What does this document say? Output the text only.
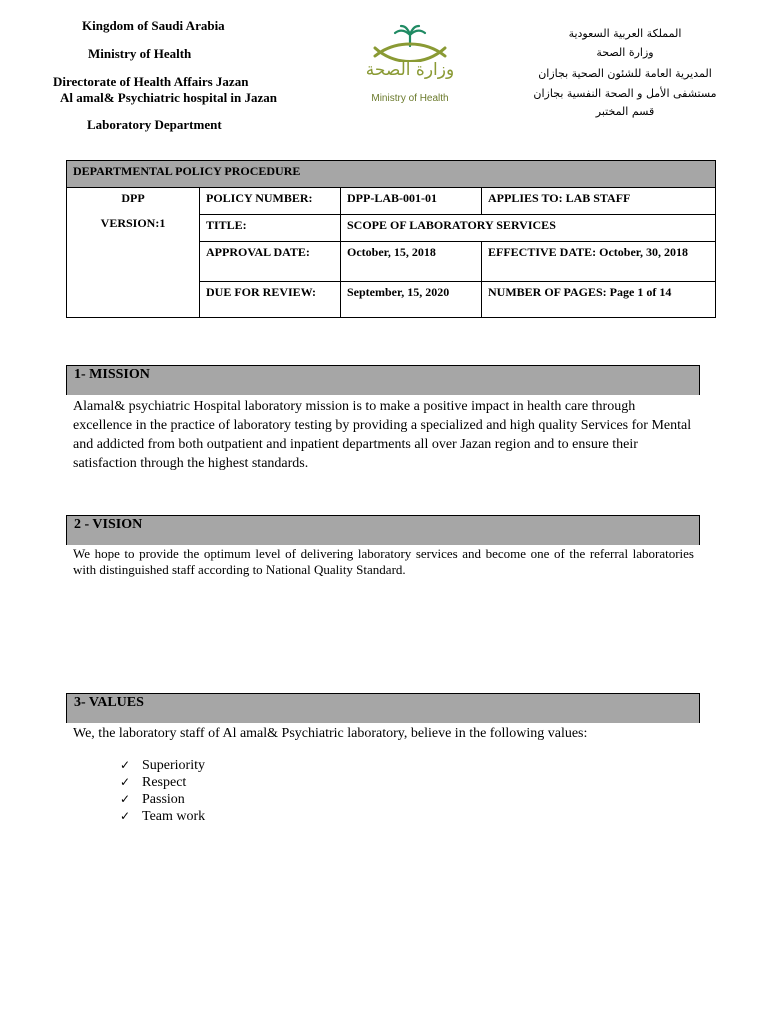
Kingdom of Saudi Arabia
Ministry of Health
Directorate of Health Affairs Jazan
Al amal& Psychiatric hospital in Jazan
Laboratory Department
وزارة الصحة
Ministry of Health
المملكة العربية السعودية
وزارة الصحة
المديرية العامة للشئون الصحية بجازان
مستشفى الأمل و الصحة النفسية بجازان
قسم المختبر
DEPARTMENTAL POLICY PROCEDURE			

DPP
VERSION:1	POLICY NUMBER:	DPP-LAB-001-01	APPLIES TO: LAB STAFF
	TITLE:	SCOPE OF LABORATORY SERVICES	
	APPROVAL DATE:	October, 15, 2018	EFFECTIVE DATE: October, 30, 2018
	DUE FOR REVIEW:	September, 15, 2020	NUMBER OF PAGES: Page 1 of 14
1- MISSION
Alamal& psychiatric Hospital laboratory mission is to make a positive impact in health care through excellence in the practice of laboratory testing by providing a specialized and high quality Services for Mental and addicted from both outpatient and inpatient departments all over Jazan region and to ensure their satisfaction through the highest standards.
2 - VISION
We hope to provide the optimum level of delivering laboratory services and become one of the referral laboratories with distinguished staff according to National Quality Standard.
3- VALUES
We, the laboratory staff of Al amal& Psychiatric laboratory, believe in the following values:
✓ Superiority
✓ Respect
✓ Passion
✓ Team work
